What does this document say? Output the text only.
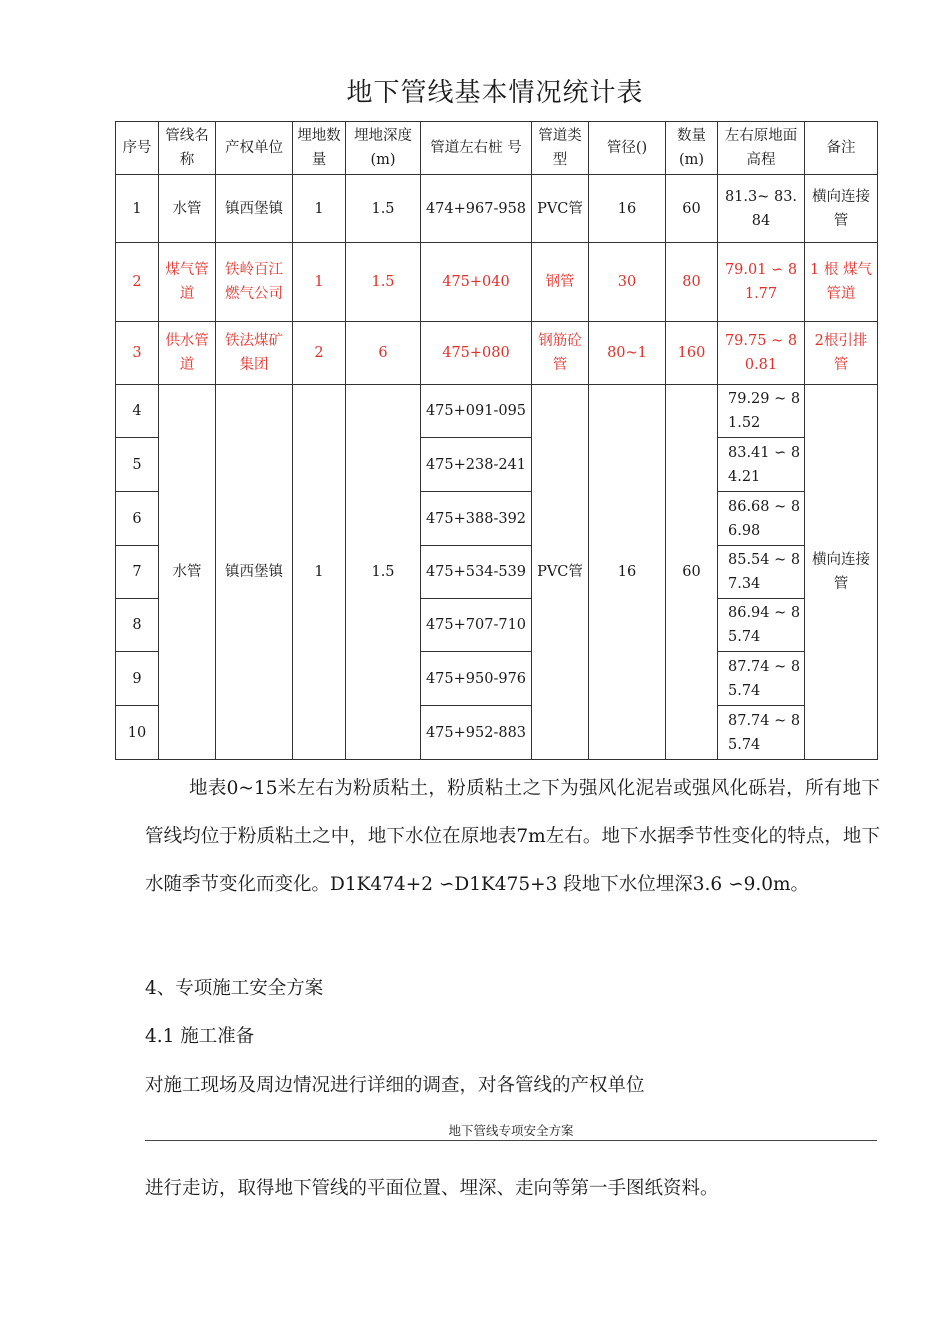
地下管线基本情况统计表
序号	管线名称	产权单位	埋地数量	埋地深度(m)	管道左右桩 号	管道类型	管径()	数量(m)	左右原地面高程	备注
1	水管	镇西堡镇	1	1.5	474+967-958	PVC管	16	60	81.3~ 83.84	横向连接管
2	煤气管道	铁岭百江燃气公司	1	1.5	475+040	钢管	30	80	79.01 ∽ 81.77	1 根 煤气管道
3	供水管道	铁法煤矿集团	2	6	475+080	钢筋砼管	80~1	160	79.75 ~ 80.81	2根引排管
4	水管	镇西堡镇	1	1.5	475+091-095	PVC管	16	60	79.29 ~ 81.52	横向连接管
5					475+238-241				83.41 ∽ 84.21	
6					475+388-392				86.68 ~ 86.98	
7					475+534-539				85.54 ~ 87.34	
8					475+707-710				86.94 ~ 85.74	
9					475+950-976				87.74 ~ 85.74	
10					475+952-883				87.74 ~ 85.74	
地表0~15米左右为粉质粘土，粉质粘土之下为强风化泥岩或强风化砾岩，所有地下管线均位于粉质粘土之中，地下水位在原地表7m左右。地下水据季节性变化的特点，地下水随季节变化而变化。D1K474+2 ∽D1K475+3 段地下水位埋深3.6 ∽9.0m。
4、专项施工安全方案
4.1 施工准备
对施工现场及周边情况进行详细的调查，对各管线的产权单位
地下管线专项安全方案
进行走访，取得地下管线的平面位置、埋深、走向等第一手图纸资料。
